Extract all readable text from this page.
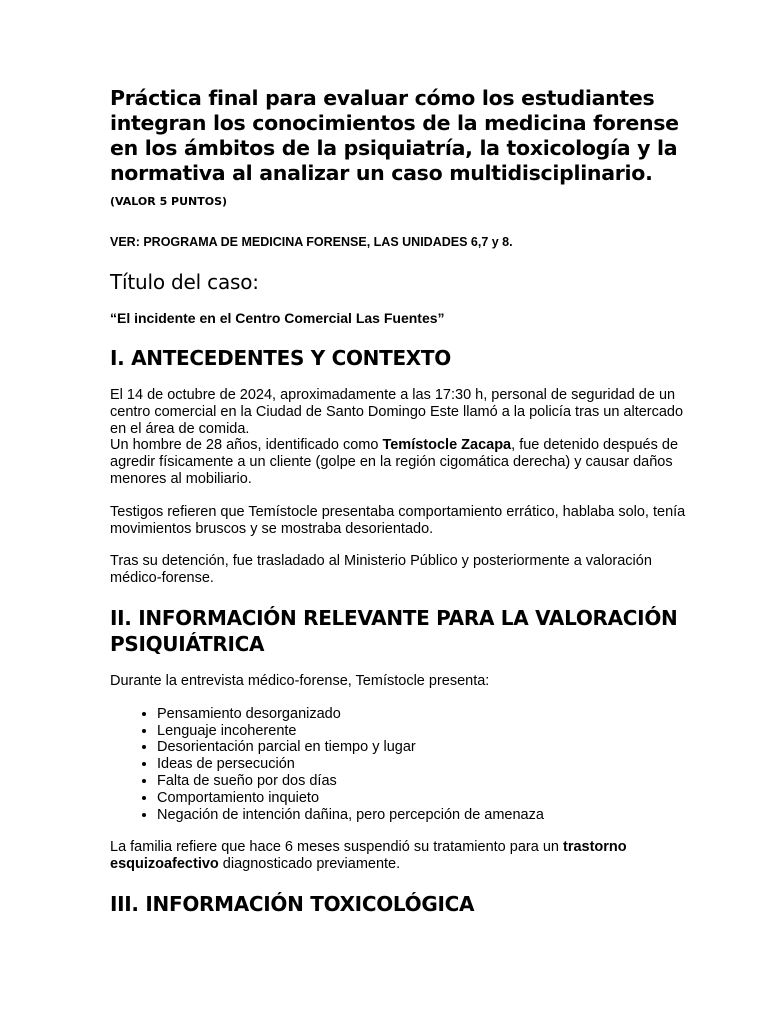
Práctica final para evaluar cómo los estudiantes integran los conocimientos de la medicina forense en los ámbitos de la psiquiatría, la toxicología y la normativa al analizar un caso multidisciplinario. (VALOR 5 PUNTOS)

VER: PROGRAMA DE MEDICINA FORENSE, LAS UNIDADES 6,7 y 8.

Título del caso:

“El incidente en el Centro Comercial Las Fuentes”

I. ANTECEDENTES Y CONTEXTO

El 14 de octubre de 2024, aproximadamente a las 17:30 h, personal de seguridad de un centro comercial en la Ciudad de Santo Domingo Este llamó a la policía tras un altercado en el área de comida.

Un hombre de 28 años, identificado como Temístocle Zacapa, fue detenido después de agredir físicamente a un cliente (golpe en la región cigomática derecha) y causar daños menores al mobiliario.

Testigos refieren que Temístocle presentaba comportamiento errático, hablaba solo, tenía movimientos bruscos y se mostraba desorientado.

Tras su detención, fue trasladado al Ministerio Público y posteriormente a valoración médico-forense.

II. INFORMACIÓN RELEVANTE PARA LA VALORACIÓN PSIQUIÁTRICA

Durante la entrevista médico-forense, Temístocle presenta:

• Pensamiento desorganizado
• Lenguaje incoherente
• Desorientación parcial en tiempo y lugar
• Ideas de persecución
• Falta de sueño por dos días
• Comportamiento inquieto
• Negación de intención dañina, pero percepción de amenaza

La familia refiere que hace 6 meses suspendió su tratamiento para un trastorno esquizoafectivo diagnosticado previamente.

III. INFORMACIÓN TOXICOLÓGICA
